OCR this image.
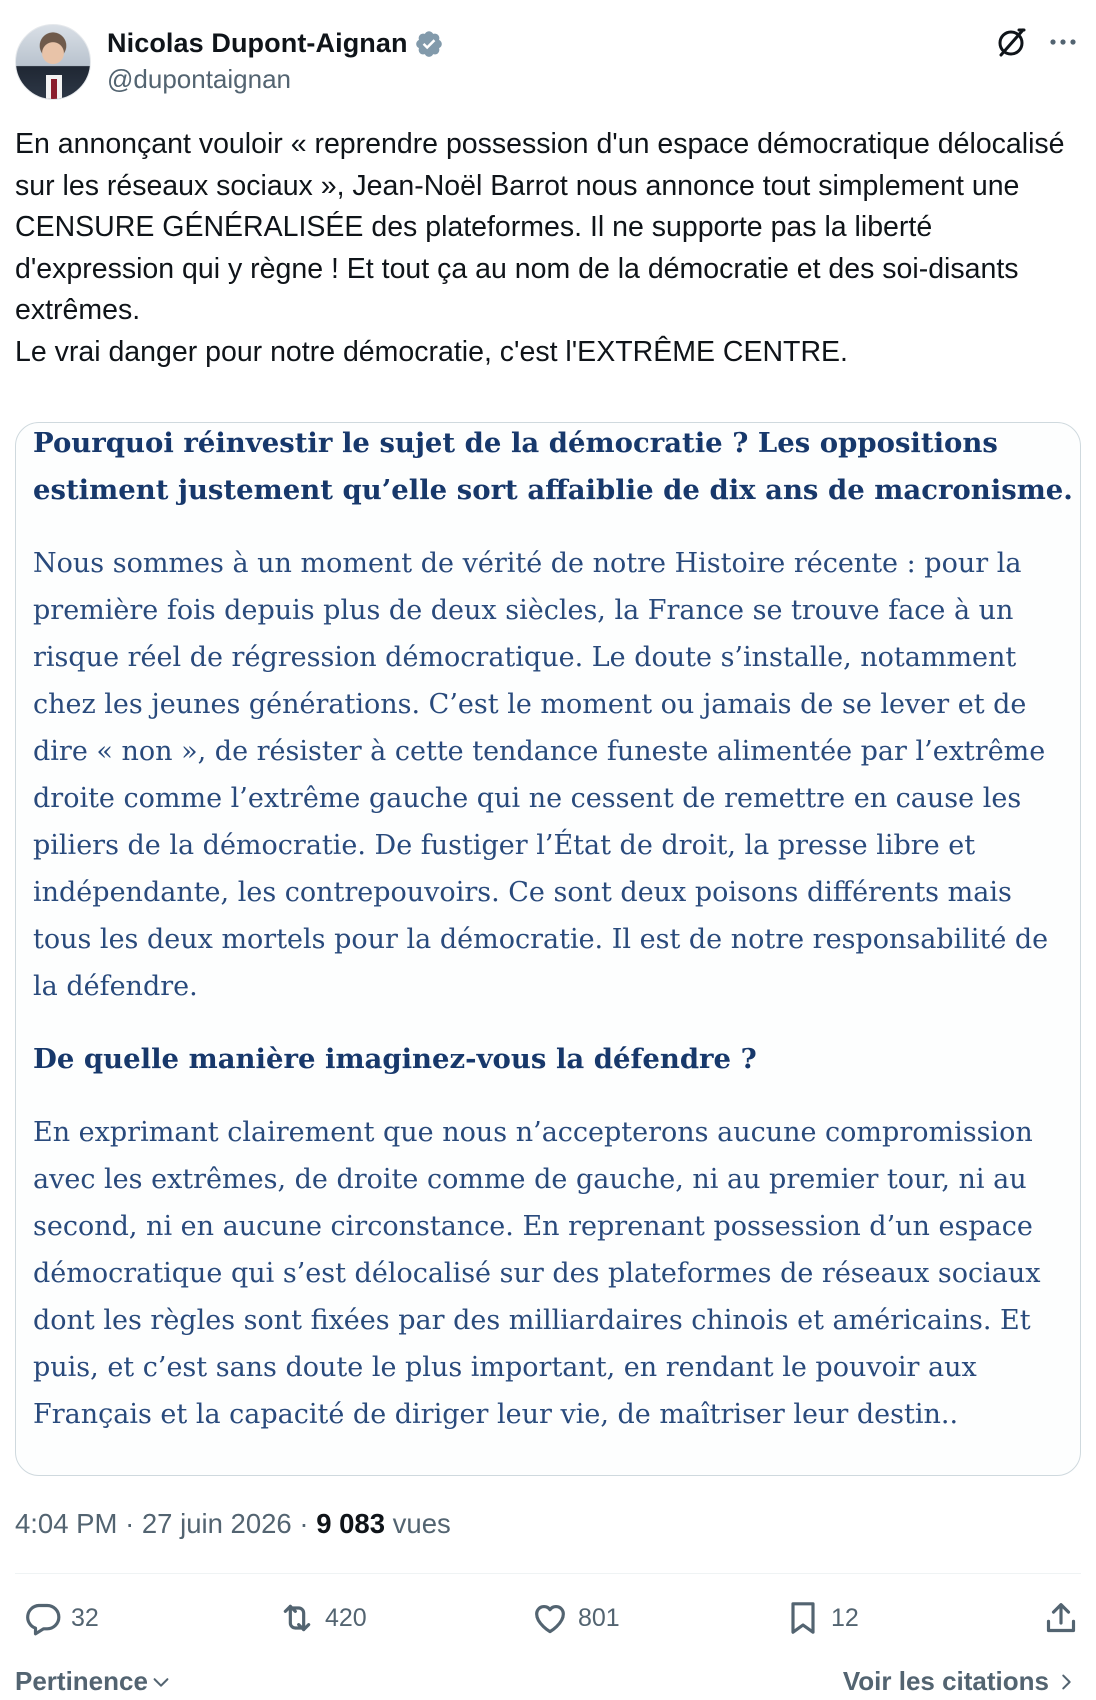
Nicolas Dupont-Aignan
@dupontaignan
En annonçant vouloir « reprendre possession d'un espace démocratique délocalisé sur les réseaux sociaux », Jean-Noël Barrot nous annonce tout simplement une CENSURE GÉNÉRALISÉE des plateformes. Il ne supporte pas la liberté d'expression qui y règne ! Et tout ça au nom de la démocratie et des soi-disants extrêmes.
Le vrai danger pour notre démocratie, c'est l'EXTRÊME CENTRE.
Pourquoi réinvestir le sujet de la démocratie ? Les oppositions estiment justement qu’elle sort affaiblie de dix ans de macronisme.
Nous sommes à un moment de vérité de notre Histoire récente : pour la première fois depuis plus de deux siècles, la France se trouve face à un risque réel de régression démocratique. Le doute s’installe, notamment chez les jeunes générations. C’est le moment ou jamais de se lever et de dire « non », de résister à cette tendance funeste alimentée par l’extrême droite comme l’extrême gauche qui ne cessent de remettre en cause les piliers de la démocratie. De fustiger l’État de droit, la presse libre et indépendante, les contrepouvoirs. Ce sont deux poisons différents mais tous les deux mortels pour la démocratie. Il est de notre responsabilité de la défendre.
De quelle manière imaginez-vous la défendre ?
En exprimant clairement que nous n’accepterons aucune compromission avec les extrêmes, de droite comme de gauche, ni au premier tour, ni au second, ni en aucune circonstance. En reprenant possession d’un espace démocratique qui s’est délocalisé sur des plateformes de réseaux sociaux dont les règles sont fixées par des milliardaires chinois et américains. Et puis, et c’est sans doute le plus important, en rendant le pouvoir aux Français et la capacité de diriger leur vie, de maîtriser leur destin..
4:04 PM · 27 juin 2026 · 9 083 vues
32	420	801	12
Pertinence	Voir les citations
